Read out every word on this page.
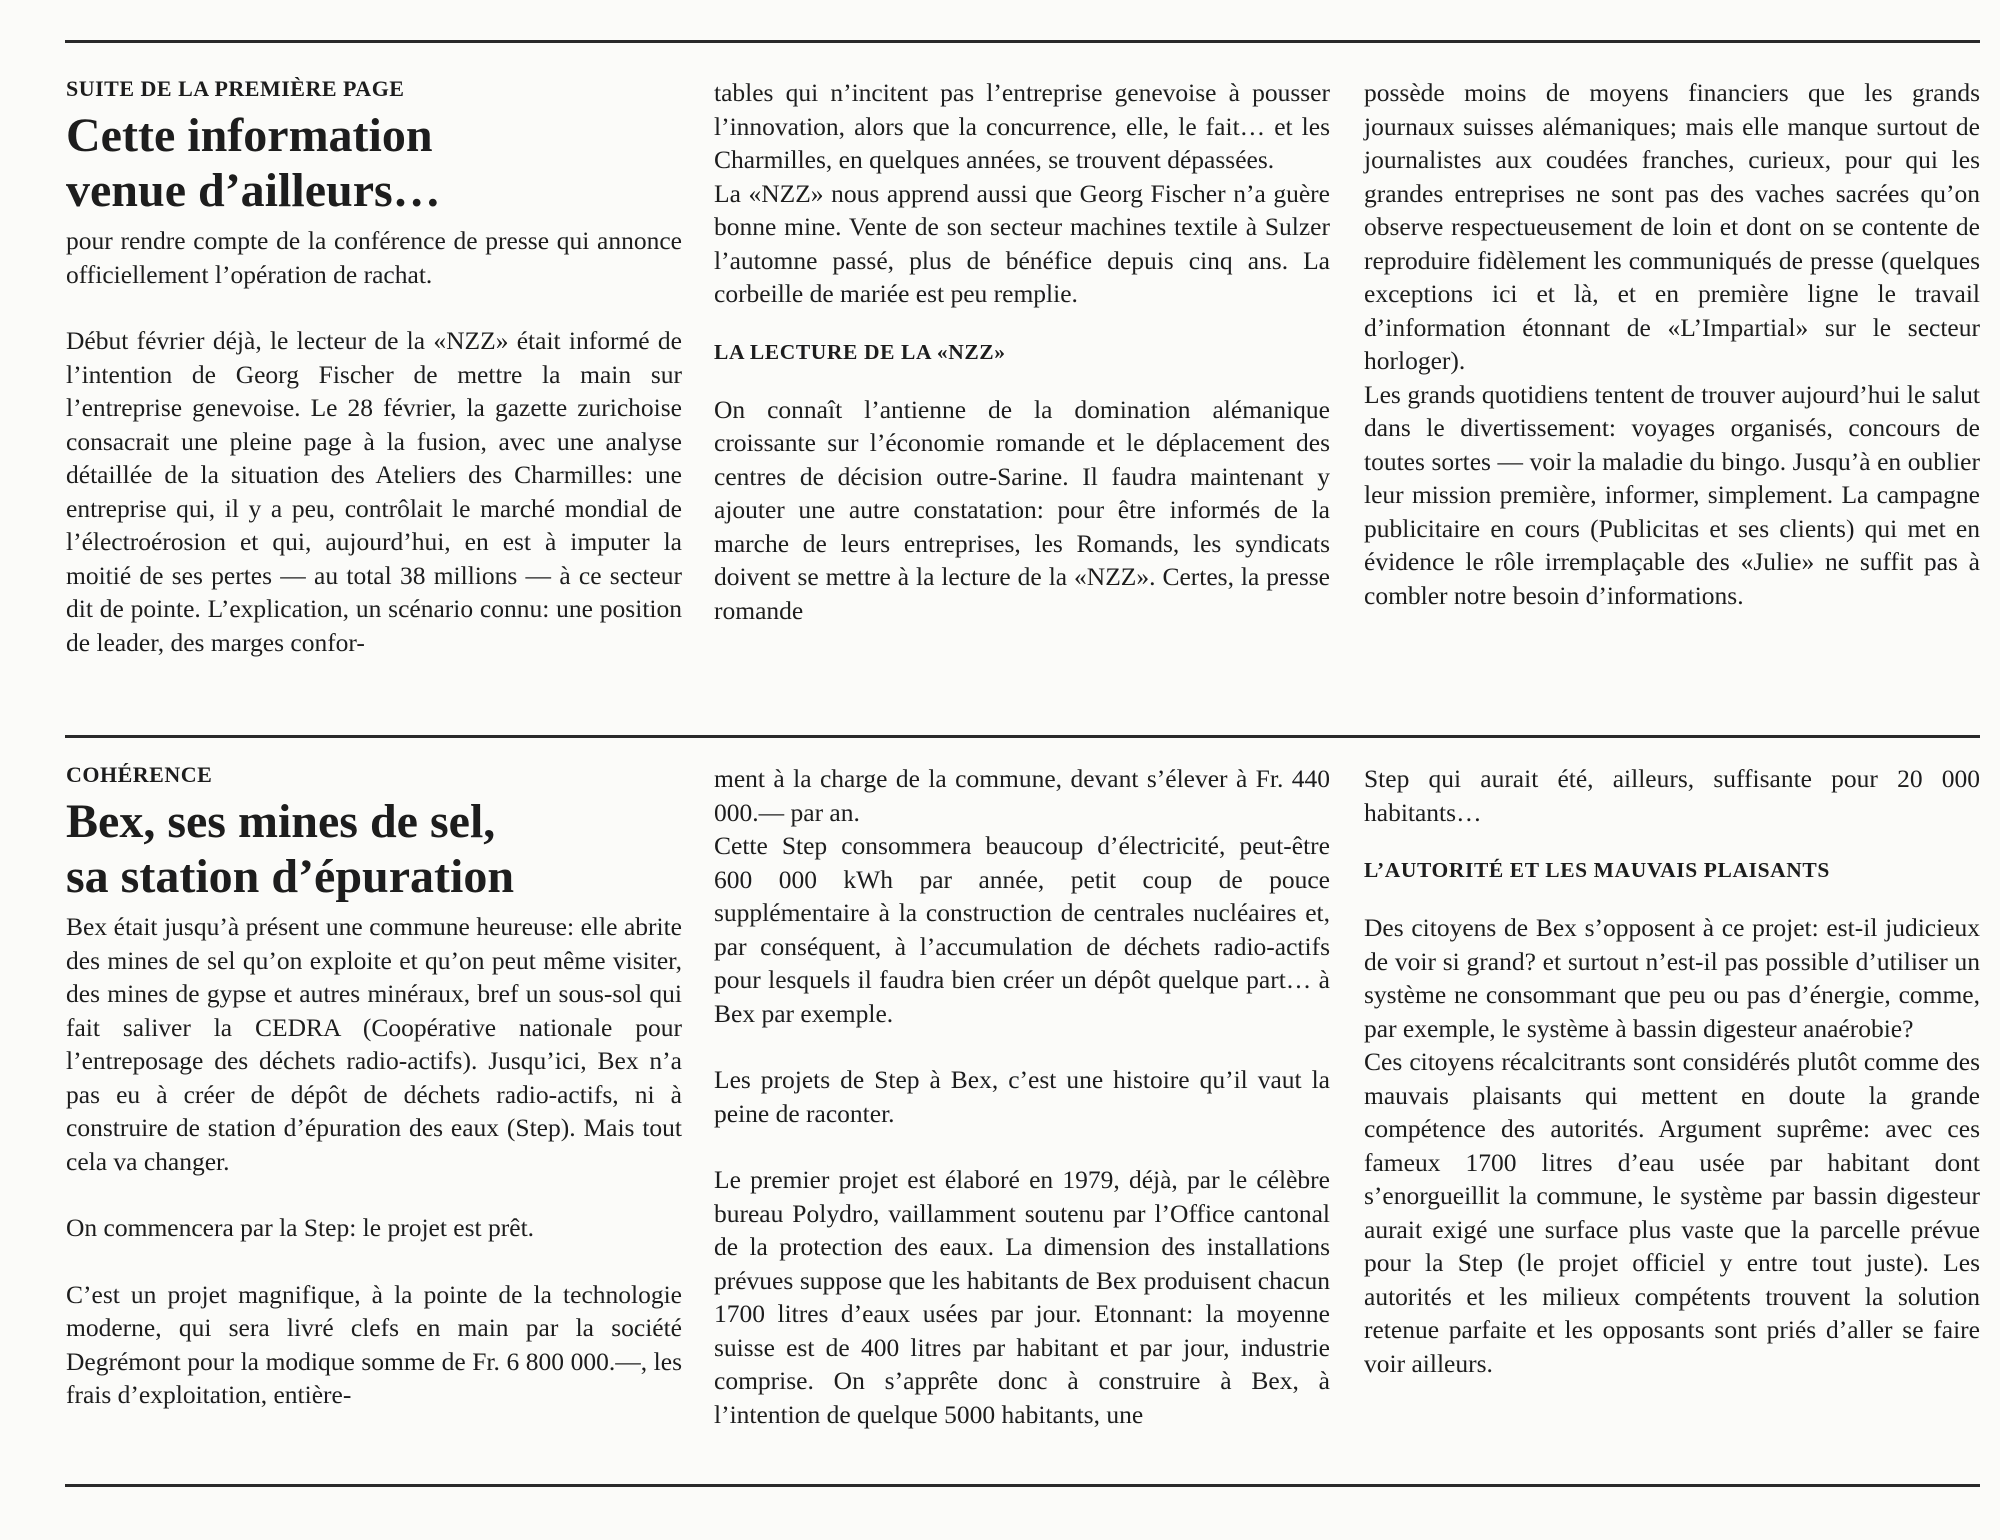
SUITE DE LA PREMIÈRE PAGE

Cette information
venue d’ailleurs…

pour rendre compte de la conférence de presse qui annonce officiellement l’opération de rachat.

Début février déjà, le lecteur de la «NZZ» était informé de l’intention de Georg Fischer de mettre la main sur l’entreprise genevoise. Le 28 février, la gazette zurichoise consacrait une pleine page à la fusion, avec une analyse détaillée de la situation des Ateliers des Charmilles: une entreprise qui, il y a peu, contrôlait le marché mondial de l’électroérosion et qui, aujourd’hui, en est à imputer la moitié de ses pertes — au total 38 millions — à ce secteur dit de pointe. L’explication, un scénario connu: une position de leader, des marges confor-

tables qui n’incitent pas l’entreprise genevoise à pousser l’innovation, alors que la concurrence, elle, le fait… et les Charmilles, en quelques années, se trouvent dépassées.

La «NZZ» nous apprend aussi que Georg Fischer n’a guère bonne mine. Vente de son secteur machines textile à Sulzer l’automne passé, plus de bénéfice depuis cinq ans. La corbeille de mariée est peu remplie.

LA LECTURE DE LA «NZZ»

On connaît l’antienne de la domination alémanique croissante sur l’économie romande et le déplacement des centres de décision outre-Sarine. Il faudra maintenant y ajouter une autre constatation: pour être informés de la marche de leurs entreprises, les Romands, les syndicats doivent se mettre à la lecture de la «NZZ». Certes, la presse romande

possède moins de moyens financiers que les grands journaux suisses alémaniques; mais elle manque surtout de journalistes aux coudées franches, curieux, pour qui les grandes entreprises ne sont pas des vaches sacrées qu’on observe respectueusement de loin et dont on se contente de reproduire fidèlement les communiqués de presse (quelques exceptions ici et là, et en première ligne le travail d’information étonnant de «L’Impartial» sur le secteur horloger).

Les grands quotidiens tentent de trouver aujourd’hui le salut dans le divertissement: voyages organisés, concours de toutes sortes — voir la maladie du bingo. Jusqu’à en oublier leur mission première, informer, simplement. La campagne publicitaire en cours (Publicitas et ses clients) qui met en évidence le rôle irremplaçable des «Julie» ne suffit pas à combler notre besoin d’informations.

COHÉRENCE

Bex, ses mines de sel,
sa station d’épuration

Bex était jusqu’à présent une commune heureuse: elle abrite des mines de sel qu’on exploite et qu’on peut même visiter, des mines de gypse et autres minéraux, bref un sous-sol qui fait saliver la CEDRA (Coopérative nationale pour l’entreposage des déchets radio-actifs). Jusqu’ici, Bex n’a pas eu à créer de dépôt de déchets radio-actifs, ni à construire de station d’épuration des eaux (Step). Mais tout cela va changer.

On commencera par la Step: le projet est prêt.

C’est un projet magnifique, à la pointe de la technologie moderne, qui sera livré clefs en main par la société Degrémont pour la modique somme de Fr. 6 800 000.—, les frais d’exploitation, entière-

ment à la charge de la commune, devant s’élever à Fr. 440 000.— par an.

Cette Step consommera beaucoup d’électricité, peut-être 600 000 kWh par année, petit coup de pouce supplémentaire à la construction de centrales nucléaires et, par conséquent, à l’accumulation de déchets radio-actifs pour lesquels il faudra bien créer un dépôt quelque part… à Bex par exemple.

Les projets de Step à Bex, c’est une histoire qu’il vaut la peine de raconter.

Le premier projet est élaboré en 1979, déjà, par le célèbre bureau Polydro, vaillamment soutenu par l’Office cantonal de la protection des eaux. La dimension des installations prévues suppose que les habitants de Bex produisent chacun 1700 litres d’eaux usées par jour. Etonnant: la moyenne suisse est de 400 litres par habitant et par jour, industrie comprise. On s’apprête donc à construire à Bex, à l’intention de quelque 5000 habitants, une

Step qui aurait été, ailleurs, suffisante pour 20 000 habitants…

L’AUTORITÉ ET LES MAUVAIS PLAISANTS

Des citoyens de Bex s’opposent à ce projet: est-il judicieux de voir si grand? et surtout n’est-il pas possible d’utiliser un système ne consommant que peu ou pas d’énergie, comme, par exemple, le système à bassin digesteur anaérobie?

Ces citoyens récalcitrants sont considérés plutôt comme des mauvais plaisants qui mettent en doute la grande compétence des autorités. Argument suprême: avec ces fameux 1700 litres d’eau usée par habitant dont s’enorgueillit la commune, le système par bassin digesteur aurait exigé une surface plus vaste que la parcelle prévue pour la Step (le projet officiel y entre tout juste). Les autorités et les milieux compétents trouvent la solution retenue parfaite et les opposants sont priés d’aller se faire voir ailleurs.
